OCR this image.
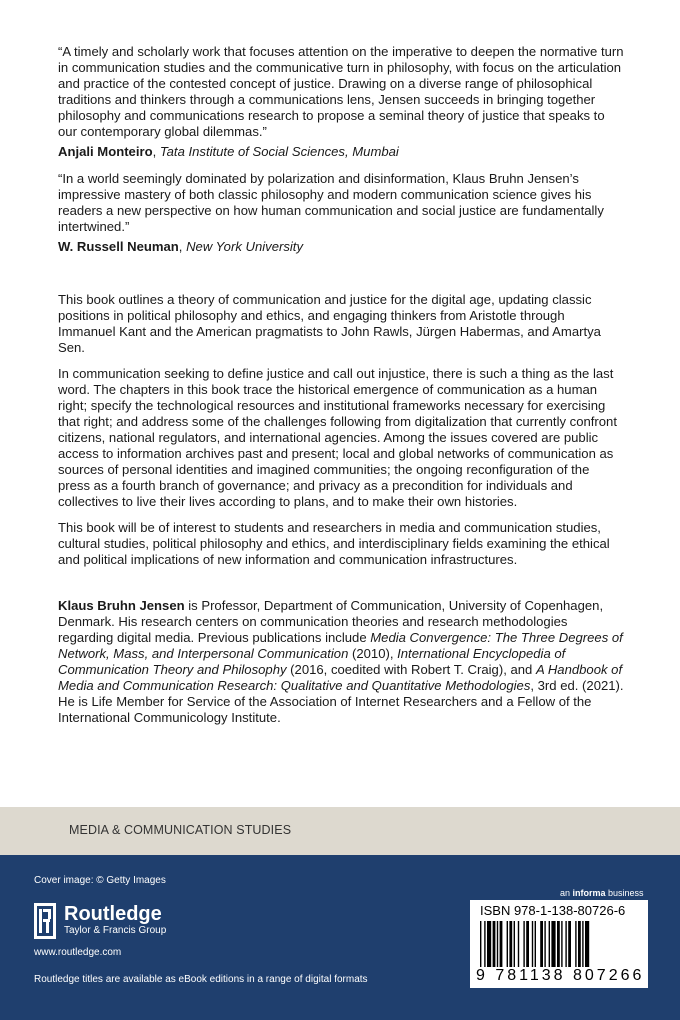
“A timely and scholarly work that focuses attention on the imperative to deepen the normative turn in communication studies and the communicative turn in philosophy, with focus on the articulation and practice of the contested concept of justice. Drawing on a diverse range of philosophical traditions and thinkers through a communications lens, Jensen succeeds in bringing together philosophy and communications research to propose a seminal theory of justice that speaks to our contemporary global dilemmas.”

Anjali Monteiro, Tata Institute of Social Sciences, Mumbai

“In a world seemingly dominated by polarization and disinformation, Klaus Bruhn Jensen’s impressive mastery of both classic philosophy and modern communication science gives his readers a new perspective on how human communication and social justice are fundamentally intertwined.”

W. Russell Neuman, New York University

This book outlines a theory of communication and justice for the digital age, updating classic positions in political philosophy and ethics, and engaging thinkers from Aristotle through Immanuel Kant and the American pragmatists to John Rawls, Jürgen Habermas, and Amartya Sen.

In communication seeking to define justice and call out injustice, there is such a thing as the last word. The chapters in this book trace the historical emergence of communication as a human right; specify the technological resources and institutional frameworks necessary for exercising that right; and address some of the challenges following from digitalization that currently confront citizens, national regulators, and international agencies. Among the issues covered are public access to information archives past and present; local and global networks of communication as sources of personal identities and imagined communities; the ongoing reconfiguration of the press as a fourth branch of governance; and privacy as a precondition for individuals and collectives to live their lives according to plans, and to make their own histories.

This book will be of interest to students and researchers in media and communication studies, cultural studies, political philosophy and ethics, and interdisciplinary fields examining the ethical and political implications of new information and communication infrastructures.

Klaus Bruhn Jensen is Professor, Department of Communication, University of Copenhagen, Denmark. His research centers on communication theories and research methodologies regarding digital media. Previous publications include Media Convergence: The Three Degrees of Network, Mass, and Interpersonal Communication (2010), International Encyclopedia of Communication Theory and Philosophy (2016, coedited with Robert T. Craig), and A Handbook of Media and Communication Research: Qualitative and Quantitative Methodologies, 3rd ed. (2021). He is Life Member for Service of the Association of Internet Researchers and a Fellow of the International Communicology Institute.

MEDIA & COMMUNICATION STUDIES
Cover image: © Getty Images
Routledge
Taylor & Francis Group
www.routledge.com
Routledge titles are available as eBook editions in a range of digital formats
an informa business
ISBN 978-1-138-80726-6
9 781138 807266
